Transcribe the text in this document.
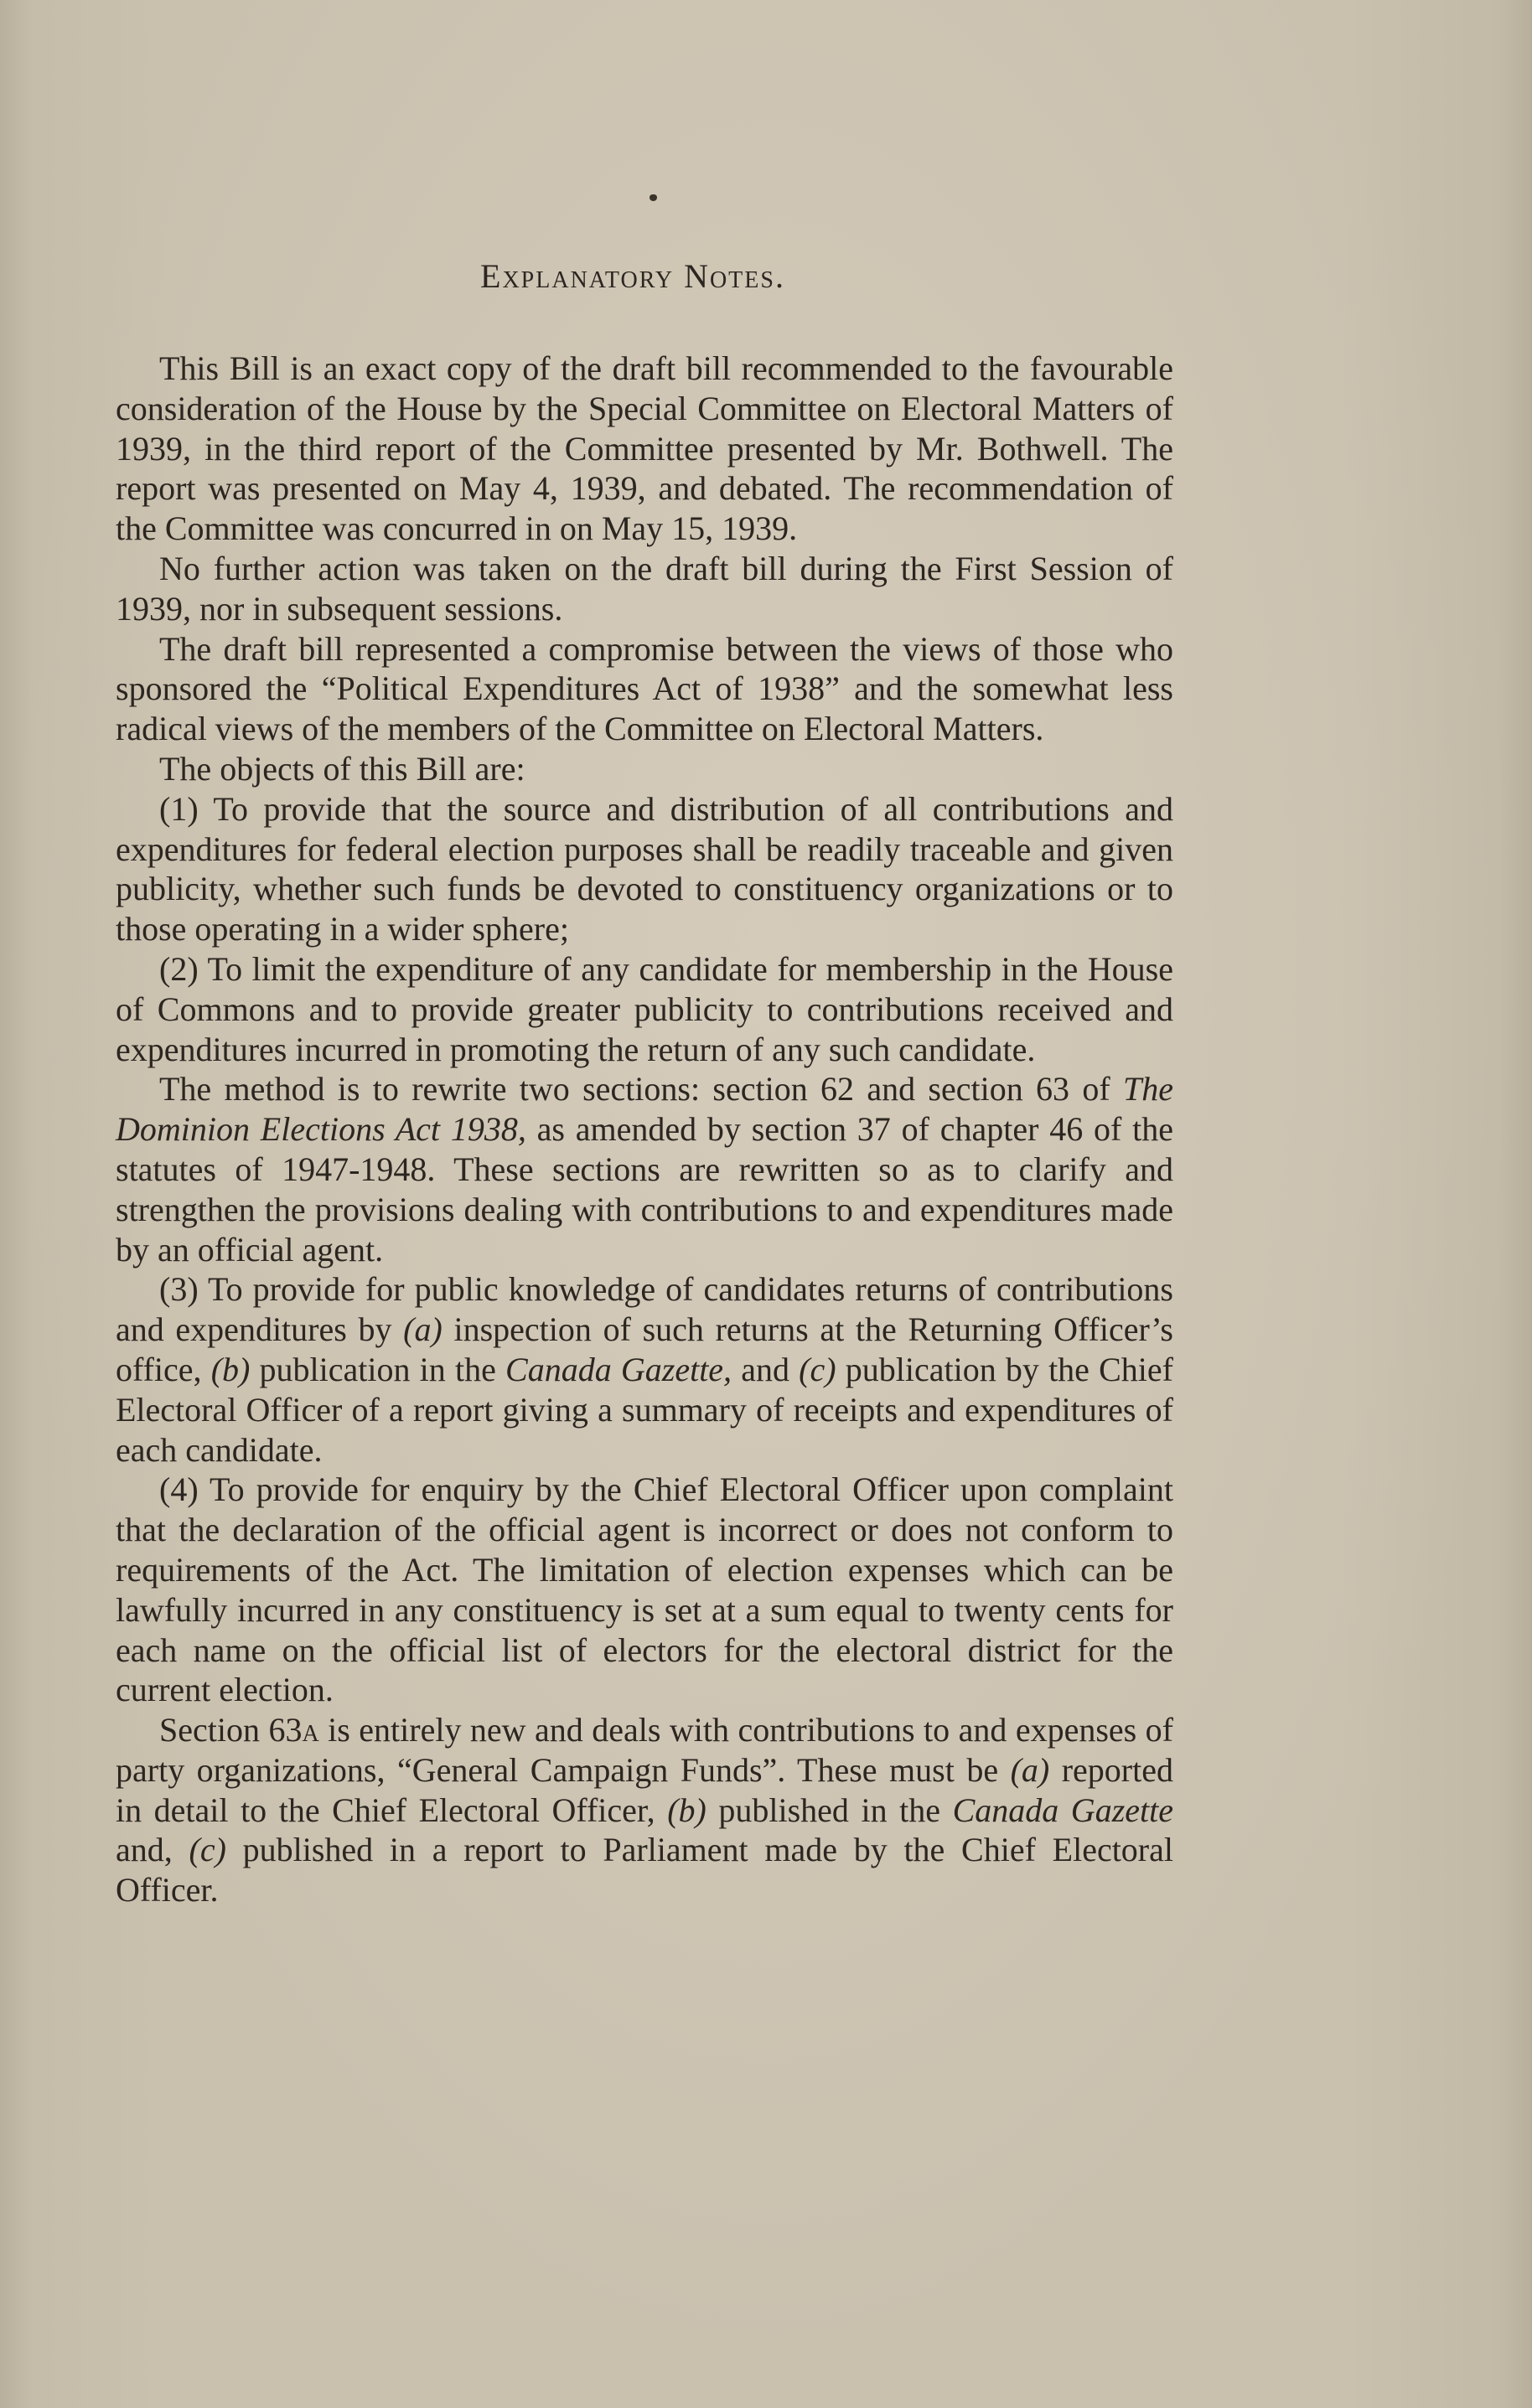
Explanatory Notes.

This Bill is an exact copy of the draft bill recommended to the favourable consideration of the House by the Special Committee on Electoral Matters of 1939, in the third report of the Committee presented by Mr. Bothwell. The report was presented on May 4, 1939, and debated. The recommendation of the Committee was concurred in on May 15, 1939.

No further action was taken on the draft bill during the First Session of 1939, nor in subsequent sessions.

The draft bill represented a compromise between the views of those who sponsored the “Political Expenditures Act of 1938” and the somewhat less radical views of the members of the Committee on Electoral Matters.

The objects of this Bill are:

(1) To provide that the source and distribution of all contributions and expenditures for federal election purposes shall be readily traceable and given publicity, whether such funds be devoted to constituency organizations or to those operating in a wider sphere;

(2) To limit the expenditure of any candidate for membership in the House of Commons and to provide greater publicity to contributions received and expenditures incurred in promoting the return of any such candidate.

The method is to rewrite two sections: section 62 and section 63 of The Dominion Elections Act 1938, as amended by section 37 of chapter 46 of the statutes of 1947-1948. These sections are rewritten so as to clarify and strengthen the provisions dealing with contributions to and expenditures made by an official agent.

(3) To provide for public knowledge of candidates returns of contributions and expenditures by (a) inspection of such returns at the Returning Officer’s office, (b) publication in the Canada Gazette, and (c) publication by the Chief Electoral Officer of a report giving a summary of receipts and expenditures of each candidate.

(4) To provide for enquiry by the Chief Electoral Officer upon complaint that the declaration of the official agent is incorrect or does not conform to requirements of the Act. The limitation of election expenses which can be lawfully incurred in any constituency is set at a sum equal to twenty cents for each name on the official list of electors for the electoral district for the current election.

Section 63a is entirely new and deals with contributions to and expenses of party organizations, “General Campaign Funds”. These must be (a) reported in detail to the Chief Electoral Officer, (b) published in the Canada Gazette and, (c) published in a report to Parliament made by the Chief Electoral Officer.
